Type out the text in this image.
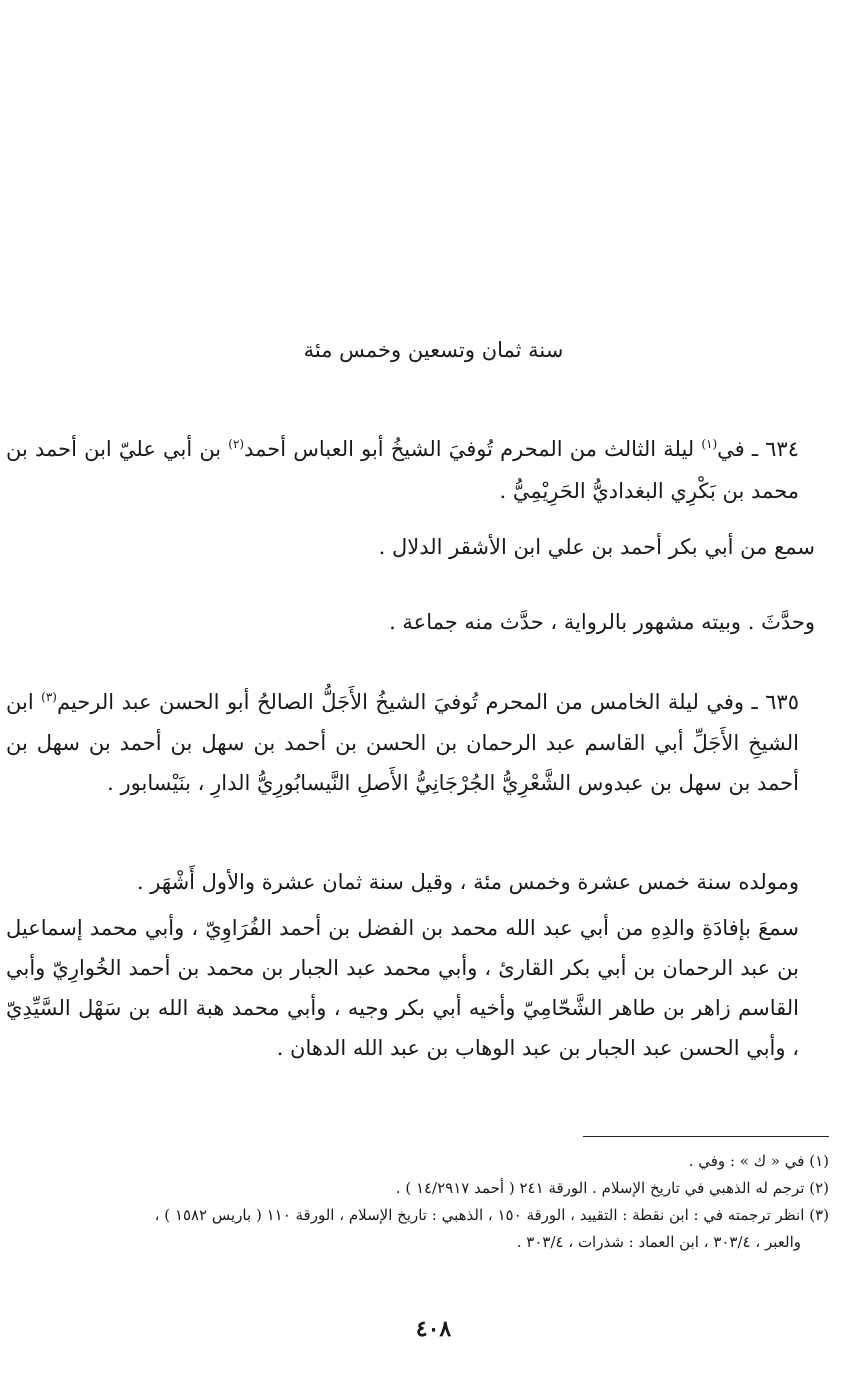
سنة ثمان وتسعين وخمس مئة
٦٣٤ ـ في$^{(١)}$ ليلة الثالث من المحرم تُوفيَ الشيخُ أبو العباس أحمد$^{(٢)}$ بن أبي عليّ ابن أحمد بن محمد بن بَكْرِي البغداديُّ الحَرِيْمِيُّ .
سمع من أبي بكر أحمد بن علي ابن الأشقر الدلال .
وحدَّثَ . وبيته مشهور بالرواية ، حدَّث منه جماعة .
٦٣٥ ـ وفي ليلة الخامس من المحرم تُوفيَ الشيخُ الأَجَلُّ الصالحُ أبو الحسن عبد الرحيم$^{(٣)}$ ابن الشيخِ الأَجَلِّ أبي القاسم عبد الرحمان بن الحسن بن أحمد بن سهل بن أحمد بن سهل بن أحمد بن سهل بن عبدوس الشَّعْرِيُّ الجُرْجَانِيُّ الأَصلِ النَّيسابُورِيُّ الدارِ ، بنَيْسابور .
ومولده سنة خمس عشرة وخمس مئة ، وقيل سنة ثمان عشرة والأول أَشْهَر .
سمعَ بإفادَةِ والدِهِ من أبي عبد الله محمد بن الفضل بن أحمد الفُرَاوِيّ ، وأبي محمد إسماعيل بن عبد الرحمان بن أبي بكر القارئ ، وأبي محمد عبد الجبار بن محمد بن أحمد الخُوارِيّ وأبي القاسم زاهر بن طاهر الشَّحّامِيّ وأخيه أبي بكر وجيه ، وأبي محمد هبة الله بن سَهْل السَّيِّدِيّ ، وأبي الحسن عبد الجبار بن عبد الوهاب بن عبد الله الدهان .
(١) في « ك » : وفي .
(٢) ترجم له الذهبي في تاريخ الإسلام . الورقة ٢٤١ ( أحمد ١٤/٢٩١٧ ) .
(٣) انظر ترجمته في : ابن نقطة : التقييد ، الورقة ١٥٠ ، الذهبي : تاريخ الإسلام ، الورقة ١١٠ ( باريس ١٥٨٢ ) ،
والعبر ، ٣٠٣/٤ ، ابن العماد : شذرات ، ٣٠٣/٤ .
٤٠٨
